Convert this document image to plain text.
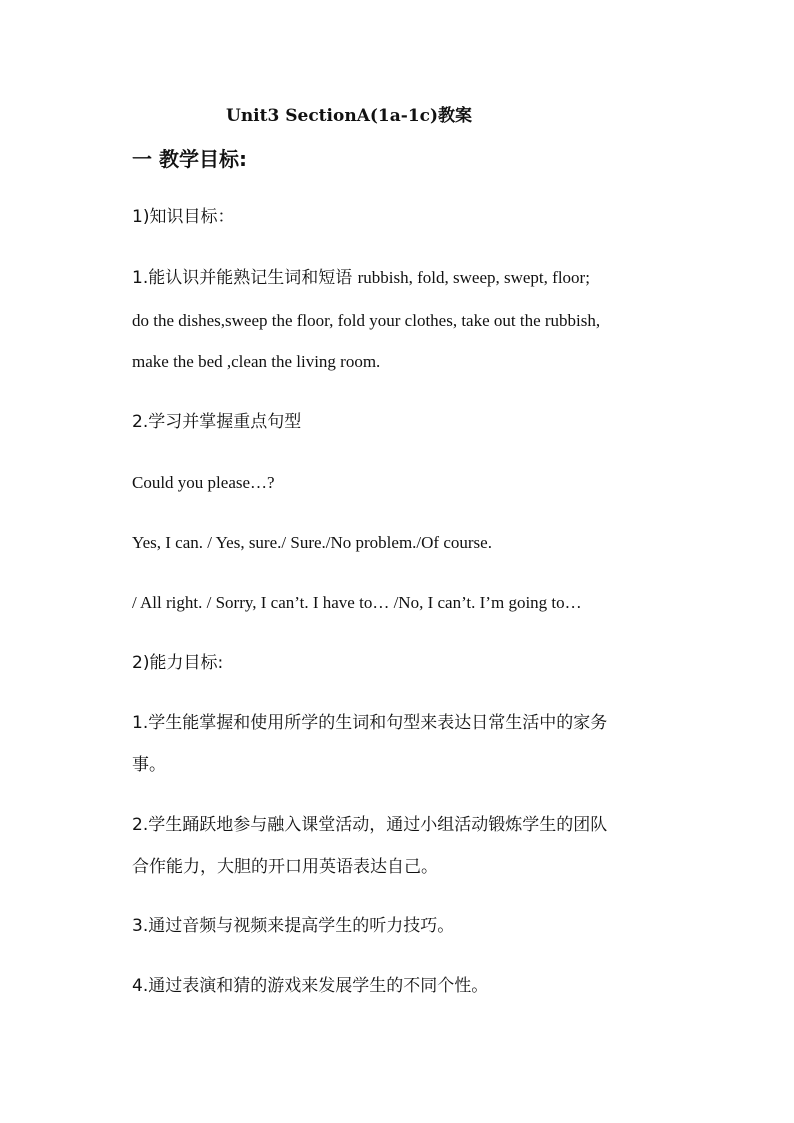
Unit3 SectionA(1a-1c)教案
一 教学目标:
1)知识目标：
1.能认识并能熟记生词和短语 rubbish, fold, sweep, swept, floor;
do the dishes,sweep the floor, fold your clothes, take out the rubbish,
make the bed ,clean the living room.
2.学习并掌握重点句型
Could you please…?
Yes, I can. / Yes, sure./ Sure./No problem./Of course.
/ All right. / Sorry, I can’t. I have to… /No, I can’t. I’m going to…
2)能力目标:
1.学生能掌握和使用所学的生词和句型来表达日常生活中的家务
事。
2.学生踊跃地参与融入课堂活动，通过小组活动锻炼学生的团队
合作能力，大胆的开口用英语表达自己。
3.通过音频与视频来提高学生的听力技巧。
4.通过表演和猜的游戏来发展学生的不同个性。
